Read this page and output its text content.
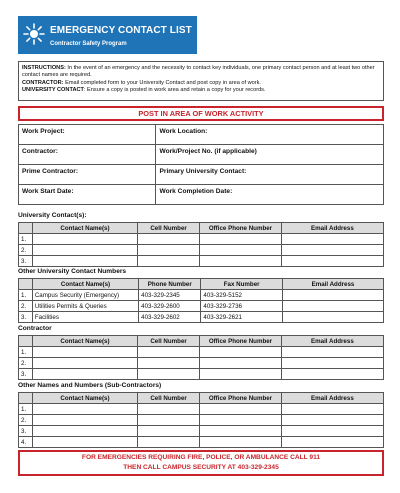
EMERGENCY CONTACT LIST
Contractor Safety Program
INSTRUCTIONS: In the event of an emergency and the necessity to contact key individuals, one primary contact person and at least two other contact names are required.
CONTRACTOR: Email completed form to your University Contact and post copy in area of work.
UNIVERSITY CONTACT: Ensure a copy is posted in work area and retain a copy for your records.
POST IN AREA OF WORK ACTIVITY
Work Project:	Work Location:
Contractor:	Work/Project No. (if applicable)
Prime Contractor:	Primary University Contact:
Work Start Date:	Work Completion Date:
University Contact(s):
	Contact Name(s)	Cell Number	Office Phone Number	Email Address
1.				
2.				
3.				
Other University Contact Numbers
	Contact Name(s)	Phone Number	Fax Number	Email Address
1.	Campus Security (Emergency)	403-329-2345	403-329-5152	
2.	Utilities Permits & Queries	403-329-2600	403-329-2736	
3.	Facilities	403-329-2602	403-329-2621	
Contractor
	Contact Name(s)	Cell Number	Office Phone Number	Email Address
1.				
2.				
3.				
Other Names and Numbers (Sub-Contractors)
	Contact Name(s)	Cell Number	Office Phone Number	Email Address
1.				
2.				
3.				
4.				
FOR EMERGENCIES REQUIRING FIRE, POLICE, OR AMBULANCE CALL 911
THEN CALL CAMPUS SECURITY AT 403-329-2345
